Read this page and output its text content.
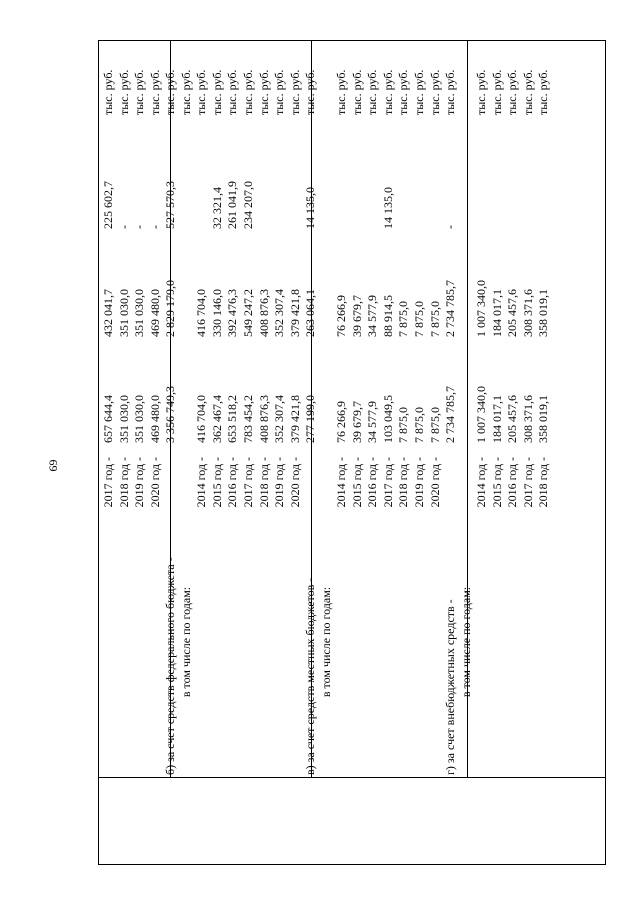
69	2017 год -
657 644,4
432 041,7
225 602,7
тыс. руб.
2018 год -
351 030,0
351 030,0
-
тыс. руб.
2019 год -
351 030,0
351 030,0
-
тыс. руб.
2020 год -
469 480,0
469 480,0
-
тыс. руб.
б) за счет средств федерального бюджета -
3 356 749,3
2 829 179,0
527 570,3
тыс. руб.
в том числе по годам:
тыс. руб.
2014 год -
416 704,0
416 704,0
тыс. руб.
2015 год -
362 467,4
330 146,0
32 321,4
тыс. руб.
2016 год -
653 518,2
392 476,3
261 041,9
тыс. руб.
2017 год -
783 454,2
549 247,2
234 207,0
тыс. руб.
2018 год -
408 876,3
408 876,3
тыс. руб.
2019 год -
352 307,4
352 307,4
тыс. руб.
2020 год -
379 421,8
379 421,8
тыс. руб.
в) за счет средств местных бюджетов -
277 199,0
263 064,1
14 135,0
тыс. руб.
в том числе по годам:
2014 год -
76 266,9
76 266,9
тыс. руб.
2015 год -
39 679,7
39 679,7
тыс. руб.
2016 год -
34 577,9
34 577,9
тыс. руб.
2017 год -
103 049,5
88 914,5
14 135,0
тыс. руб.
2018 год -
7 875,0
7 875,0
тыс. руб.
2019 год -
7 875,0
7 875,0
тыс. руб.
2020 год -
7 875,0
7 875,0
тыс. руб.
г) за счет внебюджетных средств -
2 734 785,7
2 734 785,7
-
тыс. руб.
в том числе по годам:
2014 год -
1 007 340,0
1 007 340,0
тыс. руб.
2015 год -
184 017,1
184 017,1
тыс. руб.
2016 год -
205 457,6
205 457,6
тыс. руб.
2017 год -
308 371,6
308 371,6
тыс. руб.
2018 год -
358 019,1
358 019,1
тыс. руб.
